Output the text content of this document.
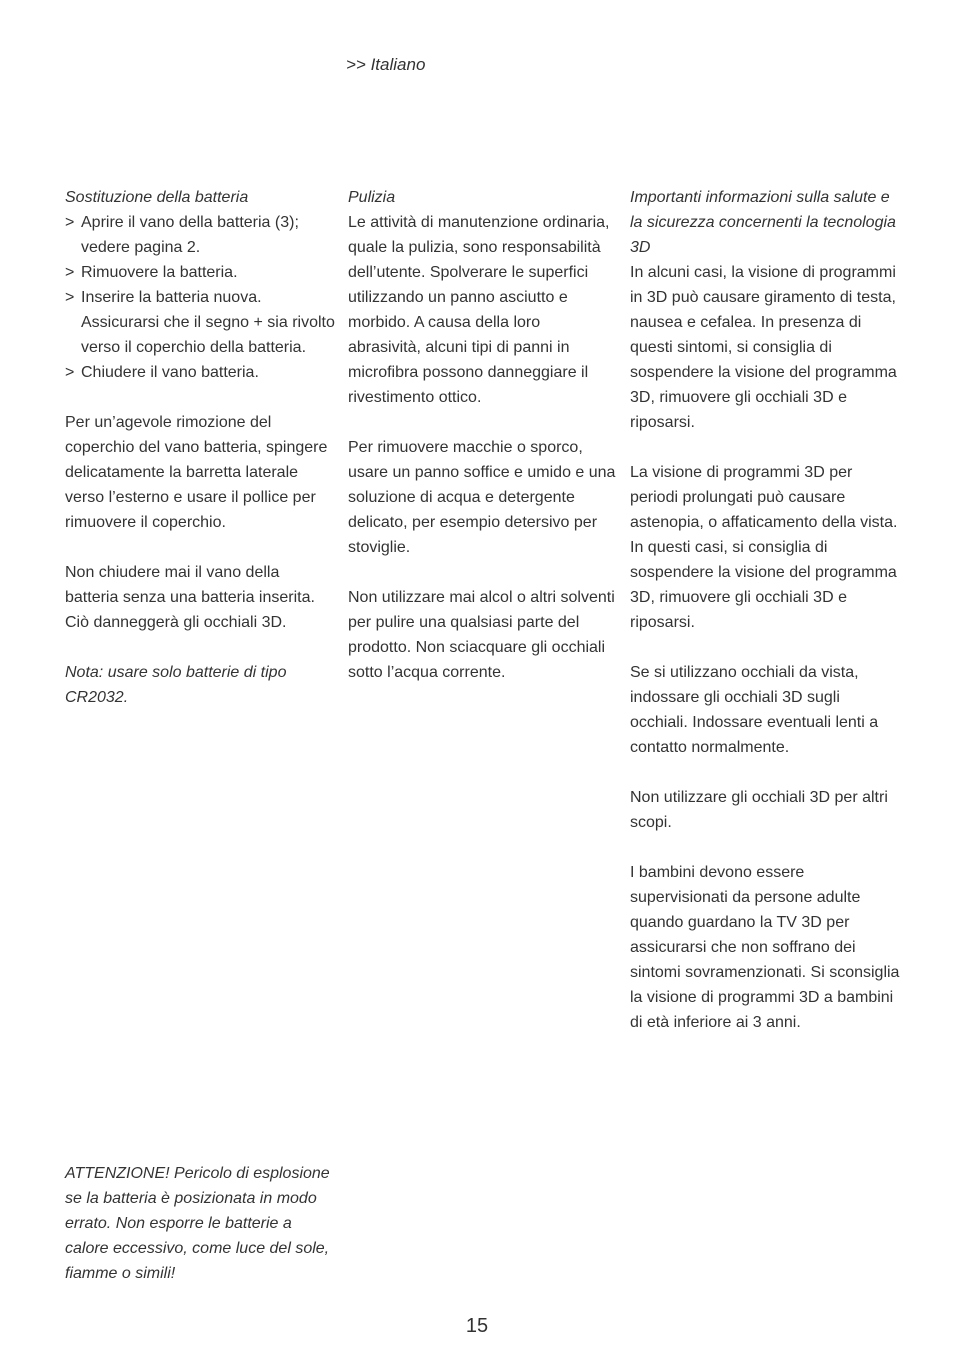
>> Italiano

Sostituzione della batteria

> Aprire il vano della batteria (3); vedere pagina 2.
> Rimuovere la batteria.
> Inserire la batteria nuova. Assicurarsi che il segno + sia rivolto verso il coperchio della batteria.
> Chiudere il vano batteria.

Per un’agevole rimozione del coperchio del vano batteria, spingere delicatamente la barretta laterale verso l’esterno e usare il pollice per rimuovere il coperchio.

Non chiudere mai il vano della batteria senza una batteria inserita. Ciò danneggerà gli occhiali 3D.

Nota: usare solo batterie di tipo CR2032.

Pulizia

Le attività di manutenzione ordinaria, quale la pulizia, sono responsabilità dell’utente. Spolverare le superfici utilizzando un panno asciutto e morbido. A causa della loro abrasività, alcuni tipi di panni in microfibra possono danneggiare il rivestimento ottico.

Per rimuovere macchie o sporco, usare un panno soffice e umido e una soluzione di acqua e detergente delicato, per esempio detersivo per stoviglie.

Non utilizzare mai alcol o altri solventi per pulire una qualsiasi parte del prodotto. Non sciacquare gli occhiali sotto l’acqua corrente.

Importanti informazioni sulla salute e la sicurezza concernenti la tecnologia 3D

In alcuni casi, la visione di programmi in 3D può causare giramento di testa, nausea e cefalea. In presenza di questi sintomi, si consiglia di sospendere la visione del programma 3D, rimuovere gli occhiali 3D e riposarsi.

La visione di programmi 3D per periodi prolungati può causare astenopia, o affaticamento della vista. In questi casi, si consiglia di sospendere la visione del programma 3D, rimuovere gli occhiali 3D e riposarsi.

Se si utilizzano occhiali da vista, indossare gli occhiali 3D sugli occhiali. Indossare eventuali lenti a contatto normalmente.

Non utilizzare gli occhiali 3D per altri scopi.

I bambini devono essere supervisionati da persone adulte quando guardano la TV 3D per assicurarsi che non soffrano dei sintomi sovramenzionati. Si sconsiglia la visione di programmi 3D a bambini di età inferiore ai 3 anni.

ATTENZIONE! Pericolo di esplosione se la batteria è posizionata in modo errato. Non esporre le batterie a calore eccessivo, come luce del sole, fiamme o simili!

15
